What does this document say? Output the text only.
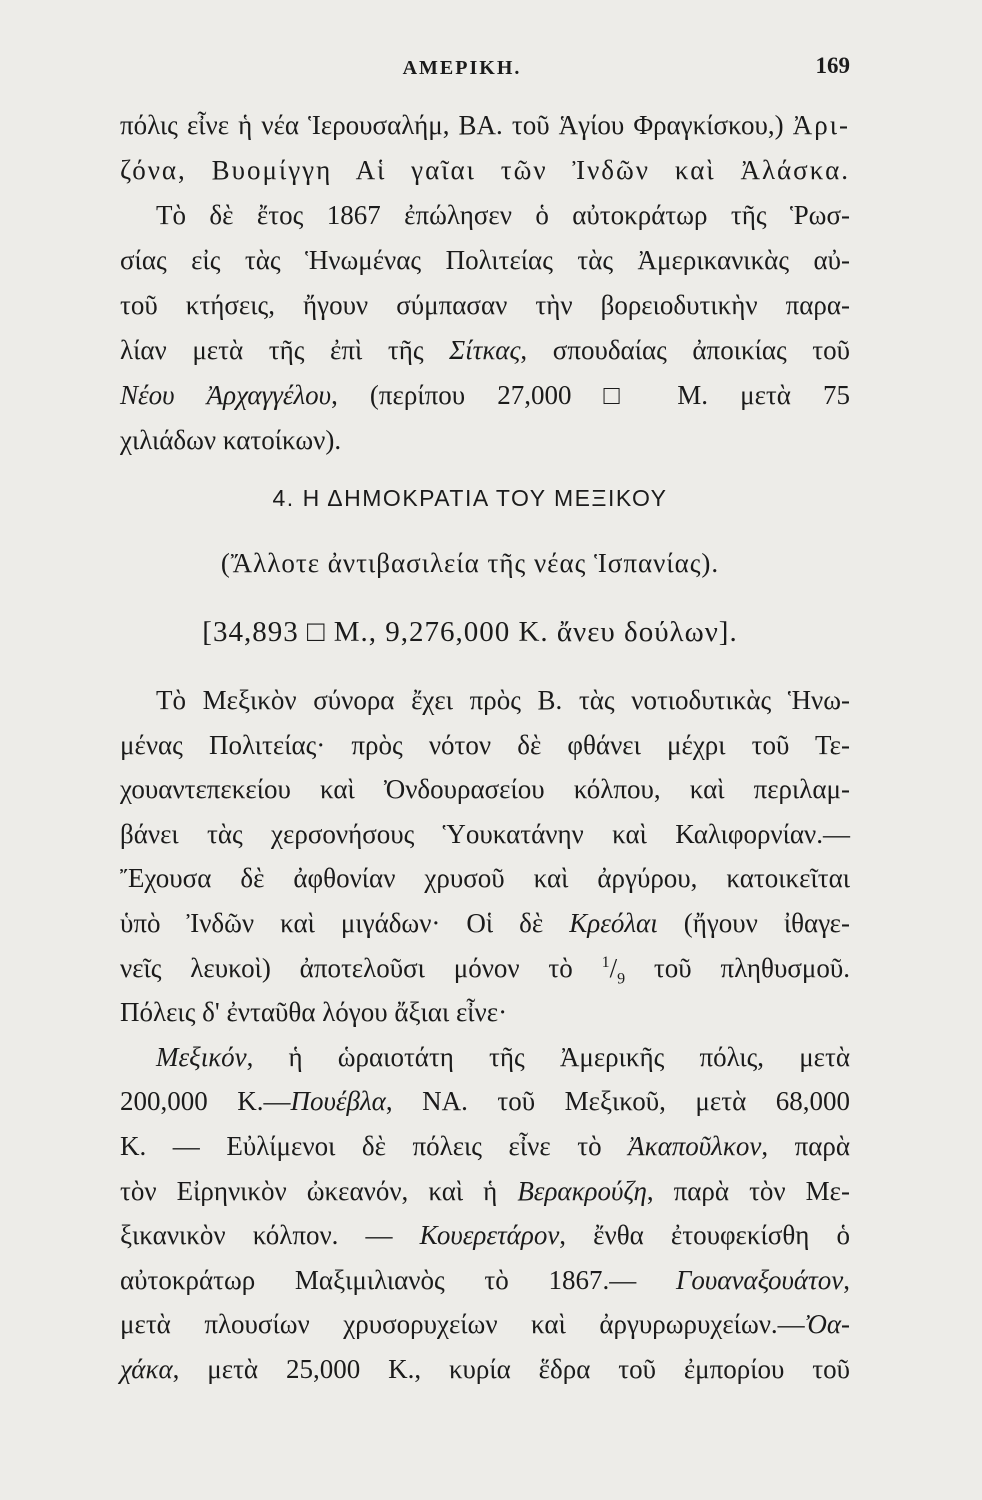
ΑΜΕΡΙΚΗ.	169
πόλις εἶνε ἡ νέα Ἱερουσαλήμ, ΒΑ. τοῦ Ἁγίου Φραγκίσκου,) Ἀρι-
ζόνα, Βυομίγγη Αἱ γαῖαι τῶν Ἰνδῶν καὶ Ἀλάσκα.
Τὸ δὲ ἔτος 1867 ἐπώλησεν ὁ αὐτοκράτωρ τῆς Ῥωσ-
σίας εἰς τὰς Ἡνωμένας Πολιτείας τὰς Ἀμερικανικὰς αὐ-
τοῦ κτήσεις, ἤγουν σύμπασαν τὴν βορειοδυτικὴν παρα-
λίαν μετὰ τῆς ἐπὶ τῆς Σίτκας, σπουδαίας ἀποικίας τοῦ
Νέου Ἀρχαγγέλου, (περίπου 27,000 □ Μ. μετὰ 75
χιλιάδων κατοίκων).
4. Η ΔΗΜΟΚΡΑΤΙΑ ΤΟΥ ΜΕΞΙΚΟΥ
(Ἄλλοτε ἀντιβασιλεία τῆς νέας Ἱσπανίας).
[34,893 □ Μ., 9,276,000 Κ. ἄνευ δούλων].
Τὸ Μεξικὸν σύνορα ἔχει πρὸς Β. τὰς νοτιοδυτικὰς Ἡνω-
μένας Πολιτείας· πρὸς νότον δὲ φθάνει μέχρι τοῦ Τε-
χουαντεπεκείου καὶ Ὀνδουρασείου κόλπου, καὶ περιλαμ-
βάνει τὰς χερσονήσους Ὑουκατάνην καὶ Καλιφορνίαν.—
Ἔχουσα δὲ ἀφθονίαν χρυσοῦ καὶ ἀργύρου, κατοικεῖται
ὑπὸ Ἰνδῶν καὶ μιγάδων· Οἱ δὲ Κρεόλαι (ἤγουν ἰθαγε-
νεῖς λευκοὶ) ἀποτελοῦσι μόνον τὸ $^1/_9$ τοῦ πληθυσμοῦ.
Πόλεις δ' ἐνταῦθα λόγου ἄξιαι εἶνε·
Μεξικόν, ἡ ὡραιοτάτη τῆς Ἀμερικῆς πόλις, μετὰ
200,000 Κ.—Πουέβλα, ΝΑ. τοῦ Μεξικοῦ, μετὰ 68,000
Κ. — Εὐλίμενοι δὲ πόλεις εἶνε τὸ Ἀκαποῦλκον, παρὰ
τὸν Εἰρηνικὸν ὠκεανόν, καὶ ἡ Βερακρούζη, παρὰ τὸν Με-
ξικανικὸν κόλπον. — Κουερετάρον, ἔνθα ἐτουφεκίσθη ὁ
αὐτοκράτωρ Μαξιμιλιανὸς τὸ 1867.— Γουαναξουάτον,
μετὰ πλουσίων χρυσορυχείων καὶ ἀργυρωρυχείων.—Ὀα-
χάκα, μετὰ 25,000 Κ., κυρία ἕδρα τοῦ ἐμπορίου τοῦ
